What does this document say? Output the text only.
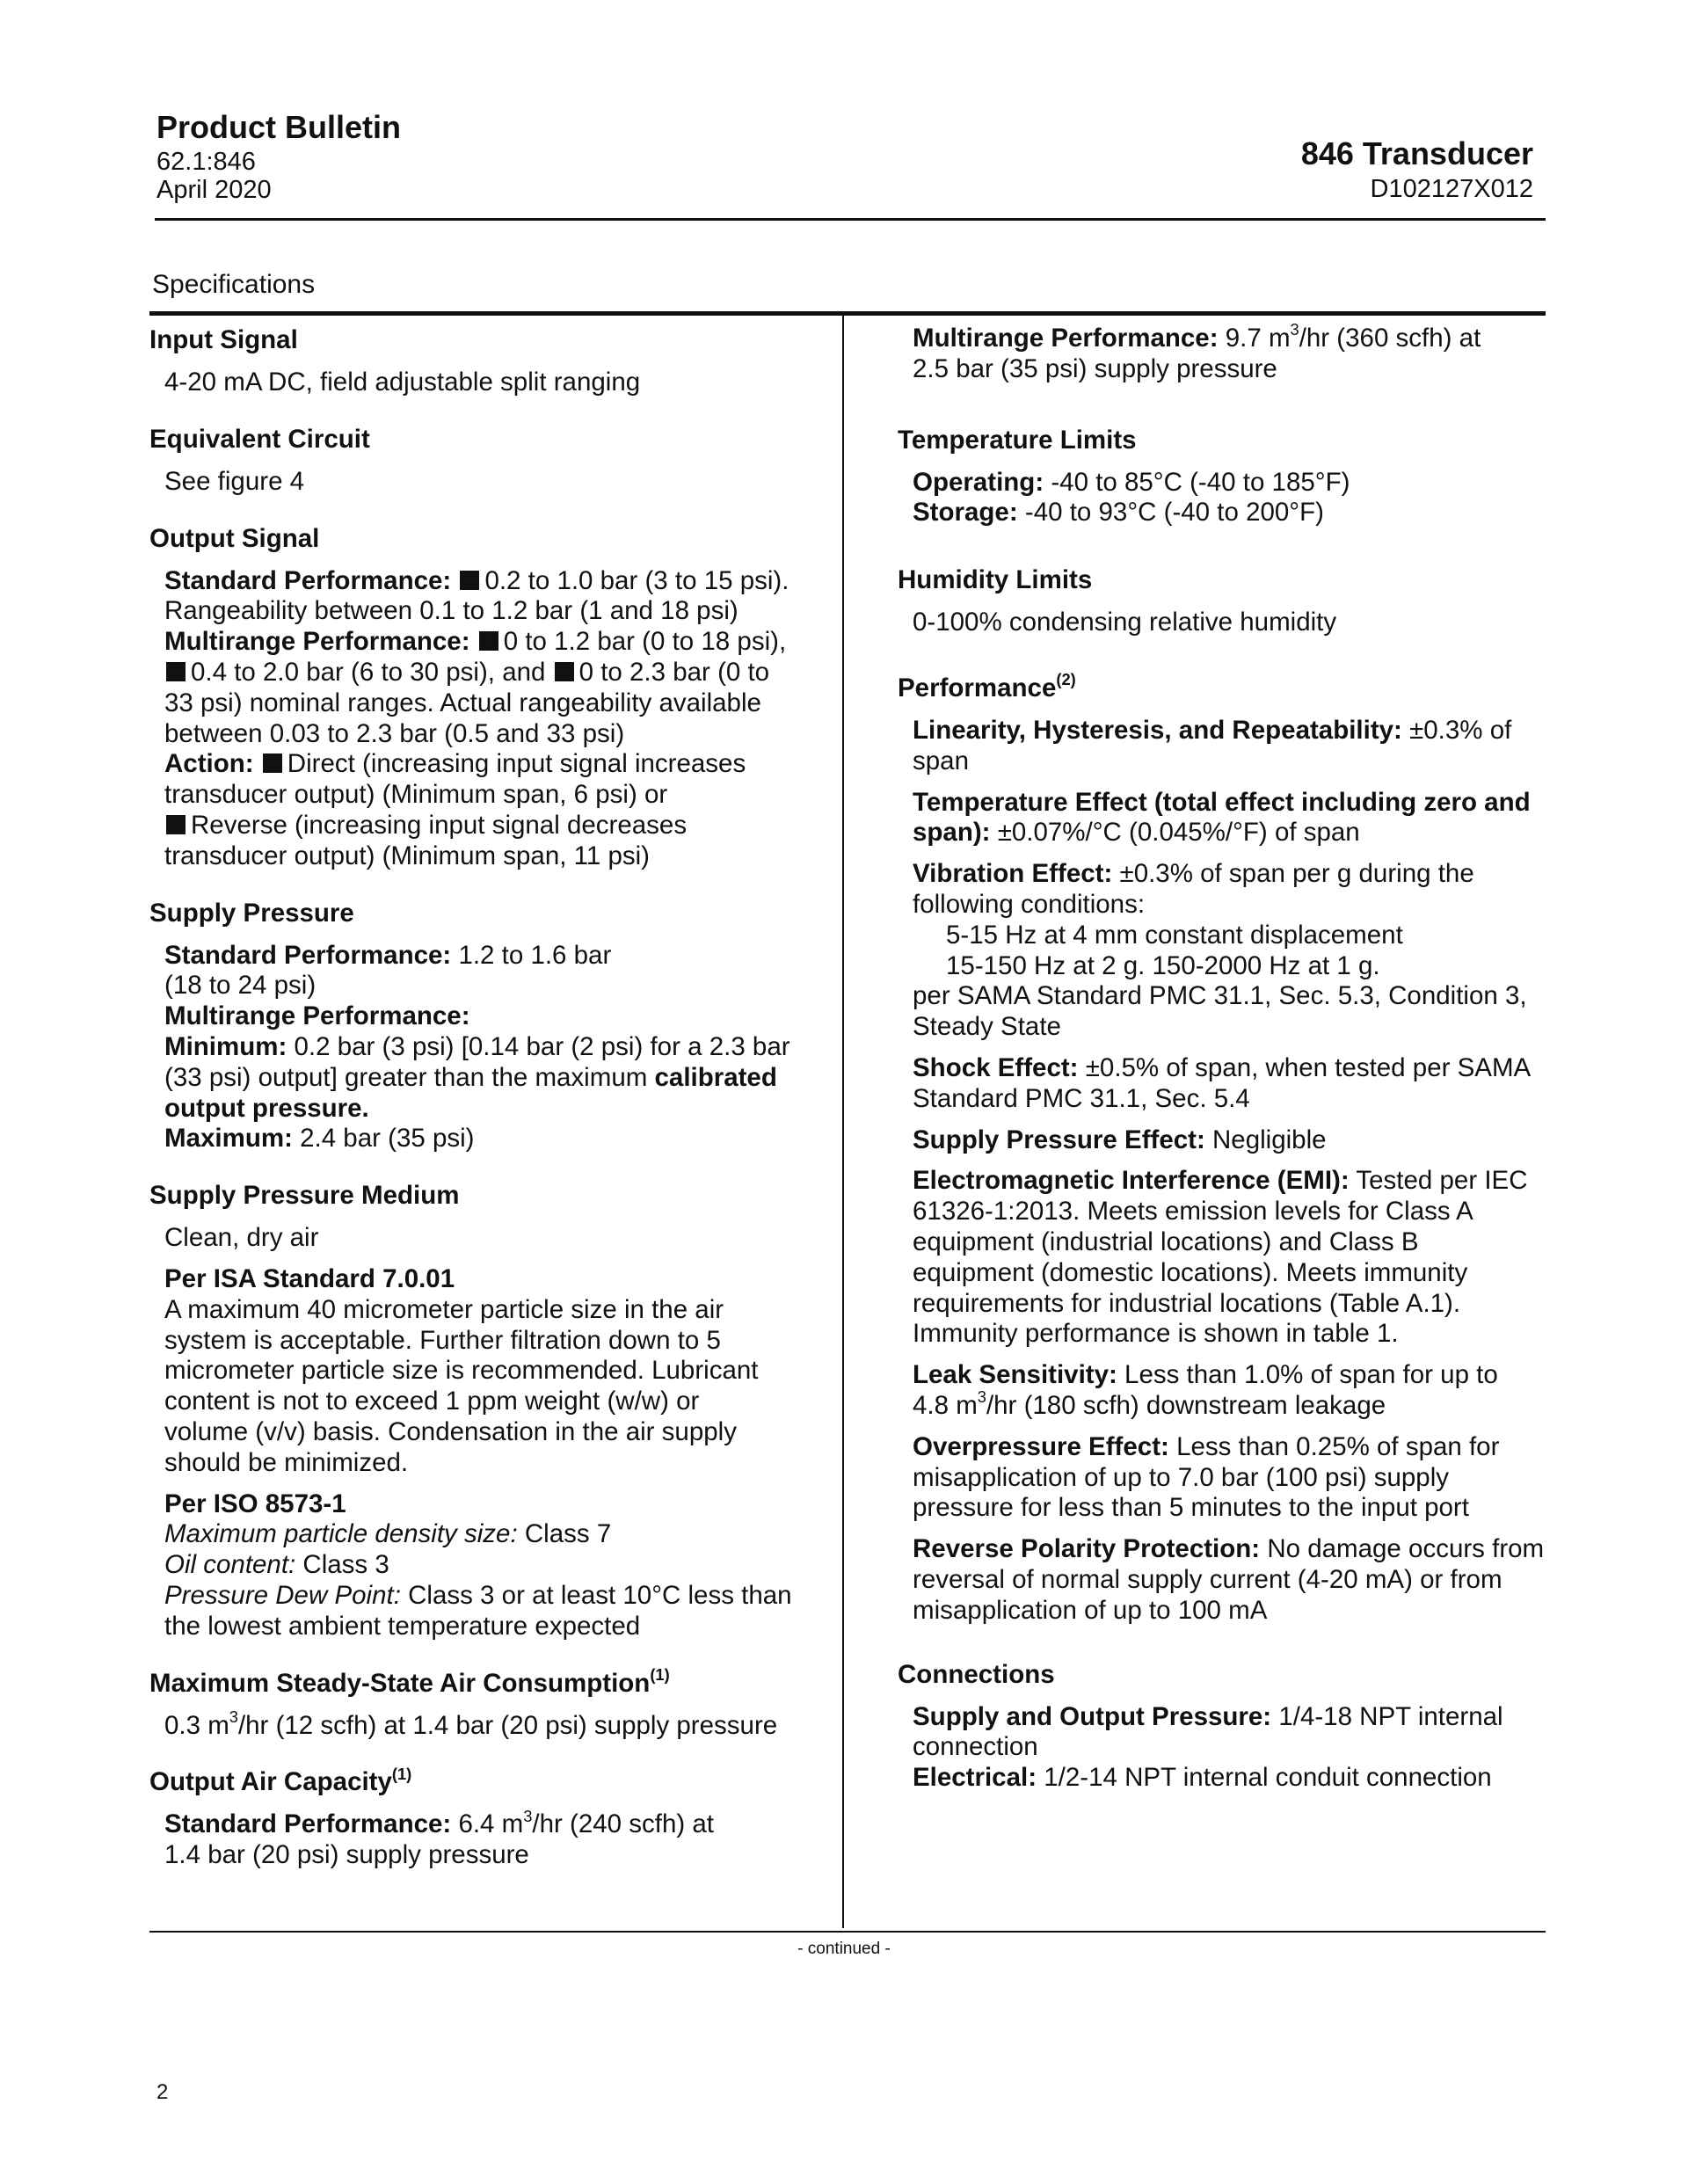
Product Bulletin
62.1:846
April 2020
846 Transducer
D102127X012
Specifications
Input Signal
4-20 mA DC, field adjustable split ranging
Equivalent Circuit
See figure 4
Output Signal
Standard Performance: 0.2 to 1.0 bar (3 to 15 psi).
Rangeability between 0.1 to 1.2 bar (1 and 18 psi)
Multirange Performance: 0 to 1.2 bar (0 to 18 psi),
0.4 to 2.0 bar (6 to 30 psi), and 0 to 2.3 bar (0 to
33 psi) nominal ranges. Actual rangeability available
between 0.03 to 2.3 bar (0.5 and 33 psi)
Action: Direct (increasing input signal increases
transducer output) (Minimum span, 6 psi) or
Reverse (increasing input signal decreases
transducer output) (Minimum span, 11 psi)
Supply Pressure
Standard Performance: 1.2 to 1.6 bar
(18 to 24 psi)
Multirange Performance:
Minimum: 0.2 bar (3 psi) [0.14 bar (2 psi) for a 2.3 bar
(33 psi) output] greater than the maximum calibrated
output pressure.
Maximum: 2.4 bar (35 psi)
Supply Pressure Medium
Clean, dry air
Per ISA Standard 7.0.01
A maximum 40 micrometer particle size in the air
system is acceptable. Further filtration down to 5
micrometer particle size is recommended. Lubricant
content is not to exceed 1 ppm weight (w/w) or
volume (v/v) basis. Condensation in the air supply
should be minimized.
Per ISO 8573-1
Maximum particle density size: Class 7
Oil content: Class 3
Pressure Dew Point: Class 3 or at least 10°C less than
the lowest ambient temperature expected
Maximum Steady-State Air Consumption$^{(1)}$
0.3 $m^3/hr$ (12 scfh) at 1.4 bar (20 psi) supply pressure
Output Air Capacity$^{(1)}$
Standard Performance: 6.4 $m^3/hr$ (240 scfh) at
1.4 bar (20 psi) supply pressure
Multirange Performance: 9.7 $m^3/hr$ (360 scfh) at
2.5 bar (35 psi) supply pressure
Temperature Limits
Operating: -40 to 85°C (-40 to 185°F)
Storage: -40 to 93°C (-40 to 200°F)
Humidity Limits
0-100% condensing relative humidity
Performance$^{(2)}$
Linearity, Hysteresis, and Repeatability: ±0.3% of
span
Temperature Effect (total effect including zero and
span): ±0.07%/°C (0.045%/°F) of span
Vibration Effect: ±0.3% of span per g during the
following conditions:
5-15 Hz at 4 mm constant displacement
15-150 Hz at 2 g. 150-2000 Hz at 1 g.
per SAMA Standard PMC 31.1, Sec. 5.3, Condition 3,
Steady State
Shock Effect: ±0.5% of span, when tested per SAMA
Standard PMC 31.1, Sec. 5.4
Supply Pressure Effect: Negligible
Electromagnetic Interference (EMI): Tested per IEC
61326-1:2013. Meets emission levels for Class A
equipment (industrial locations) and Class B
equipment (domestic locations). Meets immunity
requirements for industrial locations (Table A.1).
Immunity performance is shown in table 1.
Leak Sensitivity: Less than 1.0% of span for up to
4.8 $m^3/hr$ (180 scfh) downstream leakage
Overpressure Effect: Less than 0.25% of span for
misapplication of up to 7.0 bar (100 psi) supply
pressure for less than 5 minutes to the input port
Reverse Polarity Protection: No damage occurs from
reversal of normal supply current (4-20 mA) or from
misapplication of up to 100 mA
Connections
Supply and Output Pressure: 1/4-18 NPT internal
connection
Electrical: 1/2-14 NPT internal conduit connection
- continued -
2
